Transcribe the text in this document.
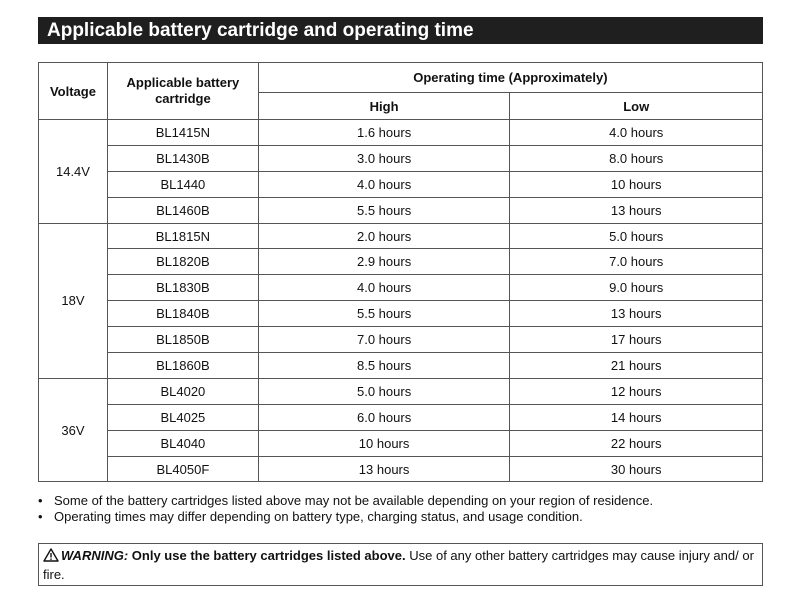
Applicable battery cartridge and operating time
Voltage	Applicable battery cartridge	Operating time (Approximately)	
		High	Low
14.4V	BL1415N	1.6 hours	4.0 hours
	BL1430B	3.0 hours	8.0 hours
	BL1440	4.0 hours	10 hours
	BL1460B	5.5 hours	13 hours
18V	BL1815N	2.0 hours	5.0 hours
	BL1820B	2.9 hours	7.0 hours
	BL1830B	4.0 hours	9.0 hours
	BL1840B	5.5 hours	13 hours
	BL1850B	7.0 hours	17 hours
	BL1860B	8.5 hours	21 hours
36V	BL4020	5.0 hours	12 hours
	BL4025	6.0 hours	14 hours
	BL4040	10 hours	22 hours
	BL4050F	13 hours	30 hours
• Some of the battery cartridges listed above may not be available depending on your region of residence.
• Operating times may differ depending on battery type, charging status, and usage condition.
WARNING: Only use the battery cartridges listed above. Use of any other battery cartridges may cause injury and/ or fire.
